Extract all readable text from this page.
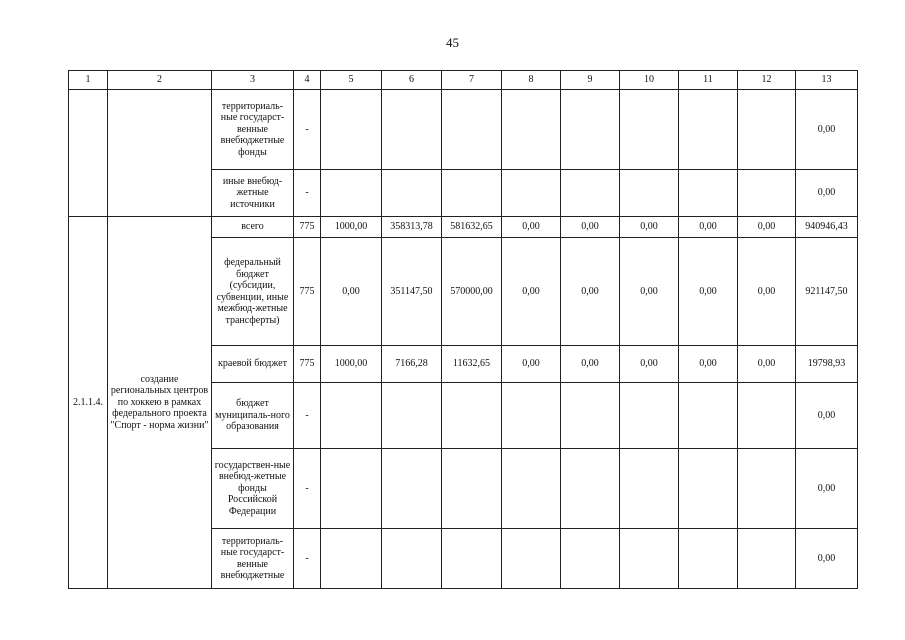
45
1	2	3	4	5	6	7	8	9	10	11	12	13
		территориаль-ные государст-венные внебюджетные фонды	-									0,00
		иные внебюд-жетные источники	-									0,00
2.1.1.4.	создание региональных центров по хоккею в рамках федерального проекта "Спорт - норма жизни"	всего	775	1000,00	358313,78	581632,65	0,00	0,00	0,00	0,00	0,00	940946,43
		федеральный бюджет (субсидии, субвенции, иные межбюд-жетные трансферты)	775	0,00	351147,50	570000,00	0,00	0,00	0,00	0,00	0,00	921147,50
		краевой бюджет	775	1000,00	7166,28	11632,65	0,00	0,00	0,00	0,00	0,00	19798,93
		бюджет муниципаль-ного образования	-									0,00
		государствен-ные внебюд-жетные фонды Российской Федерации	-									0,00
		территориаль-ные государст-венные внебюджетные	-									0,00
